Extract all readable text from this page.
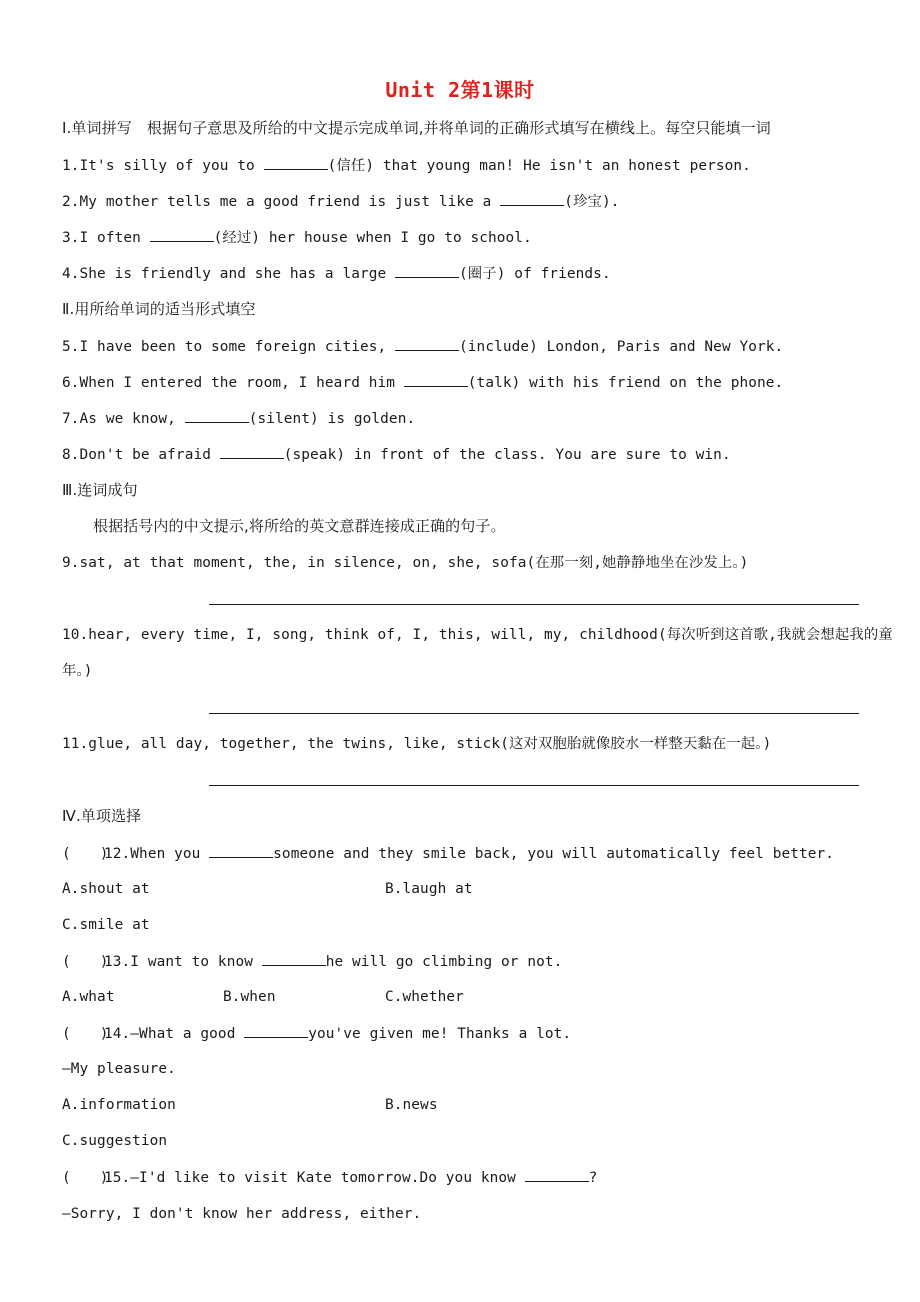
Unit 2第1课时
Ⅰ.单词拼写　根据句子意思及所给的中文提示完成单词,并将单词的正确形式填写在横线上。每空只能填一词
1.It's silly of you to	(信任) that young man! He isn't an honest person.
2.My mother tells me a good friend is just like a	(珍宝).
3.I often	(经过) her house when I go to school.
4.She is friendly and she has a large	(圈子) of friends.
Ⅱ.用所给单词的适当形式填空
5.I have been to some foreign cities,	(include) London, Paris and New York.
6.When I entered the room, I heard him	(talk) with his friend on the phone.
7.As we know,	(silent) is golden.
8.Don't be afraid	(speak) in front of the class. You are sure to win.
Ⅲ.连词成句
根据括号内的中文提示,将所给的英文意群连接成正确的句子。
9.sat, at that moment, the, in silence, on, she, sofa(在那一刻,她静静地坐在沙发上。)
10.hear, every time, I, song, think of, I, this, will, my, childhood(每次听到这首歌,我就会想起我的童
年。)
11.glue, all day, together, the twins, like, stick(这对双胞胎就像胶水一样整天黏在一起。)
Ⅳ.单项选择
(　　)12.When you	someone and they smile back, you will automatically feel better.
A.shout at	B.laugh at
C.smile at
(　　)13.I want to know	he will go climbing or not.
A.what	B.when	C.whether
(　　)14.—What a good	you've given me! Thanks a lot.
—My pleasure.
A.information	B.news
C.suggestion
(　　)15.—I'd like to visit Kate tomorrow.Do you know	?
—Sorry, I don't know her address, either.
